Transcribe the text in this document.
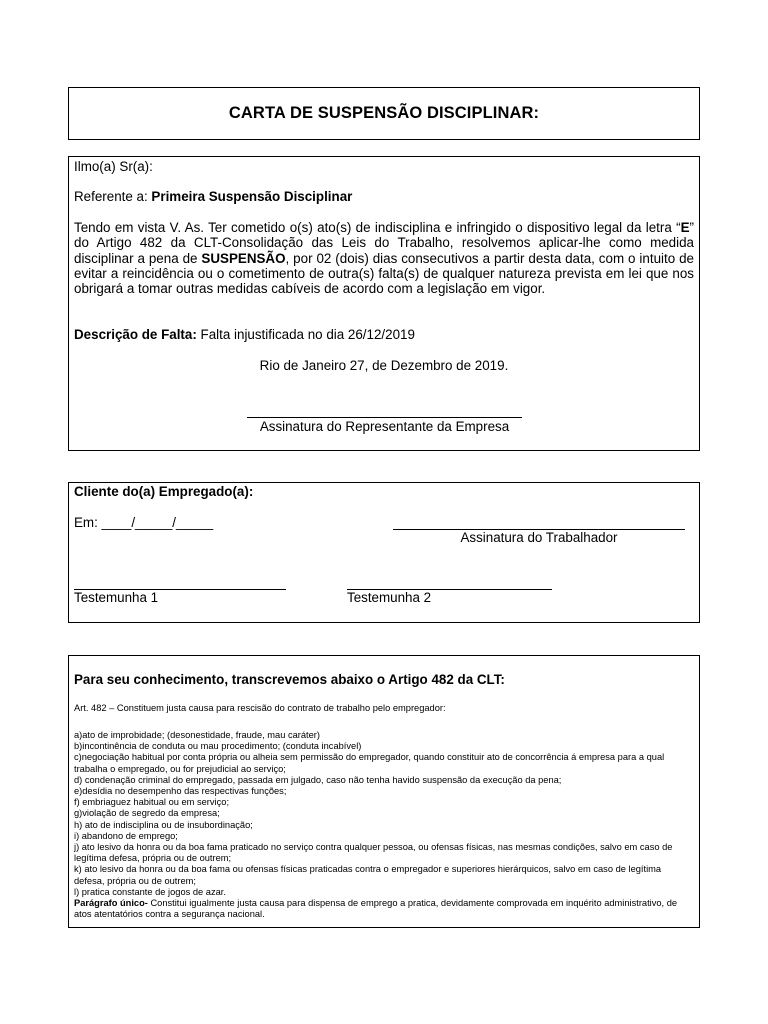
CARTA DE SUSPENSÃO DISCIPLINAR:
Ilmo(a) Sr(a):
Referente a: Primeira Suspensão Disciplinar
Tendo em vista V. As. Ter cometido o(s) ato(s) de indisciplina e infringido o dispositivo legal da letra “E” do Artigo 482 da CLT-Consolidação das Leis do Trabalho, resolvemos aplicar-lhe como medida disciplinar a pena de SUSPENSÃO, por 02 (dois) dias consecutivos a partir desta data, com o intuito de evitar a reincidência ou o cometimento de outra(s) falta(s) de qualquer natureza prevista em lei que nos obrigará a tomar outras medidas cabíveis de acordo com a legislação em vigor.
Descrição de Falta: Falta injustificada no dia 26/12/2019
Rio de Janeiro 27, de Dezembro de 2019.
Assinatura do Representante da Empresa
Cliente do(a) Empregado(a):
Em: ____/_____/_____
Assinatura do Trabalhador
Testemunha 1	Testemunha 2
Para seu conhecimento, transcrevemos abaixo o Artigo 482 da CLT:
Art. 482 – Constituem justa causa para rescisão do contrato de trabalho pelo empregador:
a)ato de improbidade; (desonestidade, fraude, mau caráter)
b)incontinência de conduta ou mau procedimento; (conduta incabível)
c)negociação habitual por conta própria ou alheia sem permissão do empregador, quando constituir ato de concorrência á empresa para a qual trabalha o empregado, ou for prejudicial ao serviço;
d) condenação criminal do empregado, passada em julgado, caso não tenha havido suspensão da execução da pena;
e)desídia no desempenho das respectivas funções;
f) embriaguez habitual ou em serviço;
g)violação de segredo da empresa;
h) ato de indisciplina ou de insubordinação;
i) abandono de emprego;
j) ato lesivo da honra ou da boa fama praticado no serviço contra qualquer pessoa, ou ofensas físicas, nas mesmas condições, salvo em caso de legítima defesa, própria ou de outrem;
k) ato lesivo da honra ou da boa fama ou ofensas físicas praticadas contra o empregador e superiores hierárquicos, salvo em caso de legítima defesa, própria ou de outrem;
l) pratica constante de jogos de azar.
Parágrafo único- Constitui igualmente justa causa para dispensa de emprego a pratica, devidamente comprovada em inquérito administrativo, de atos atentatórios contra a segurança nacional.
